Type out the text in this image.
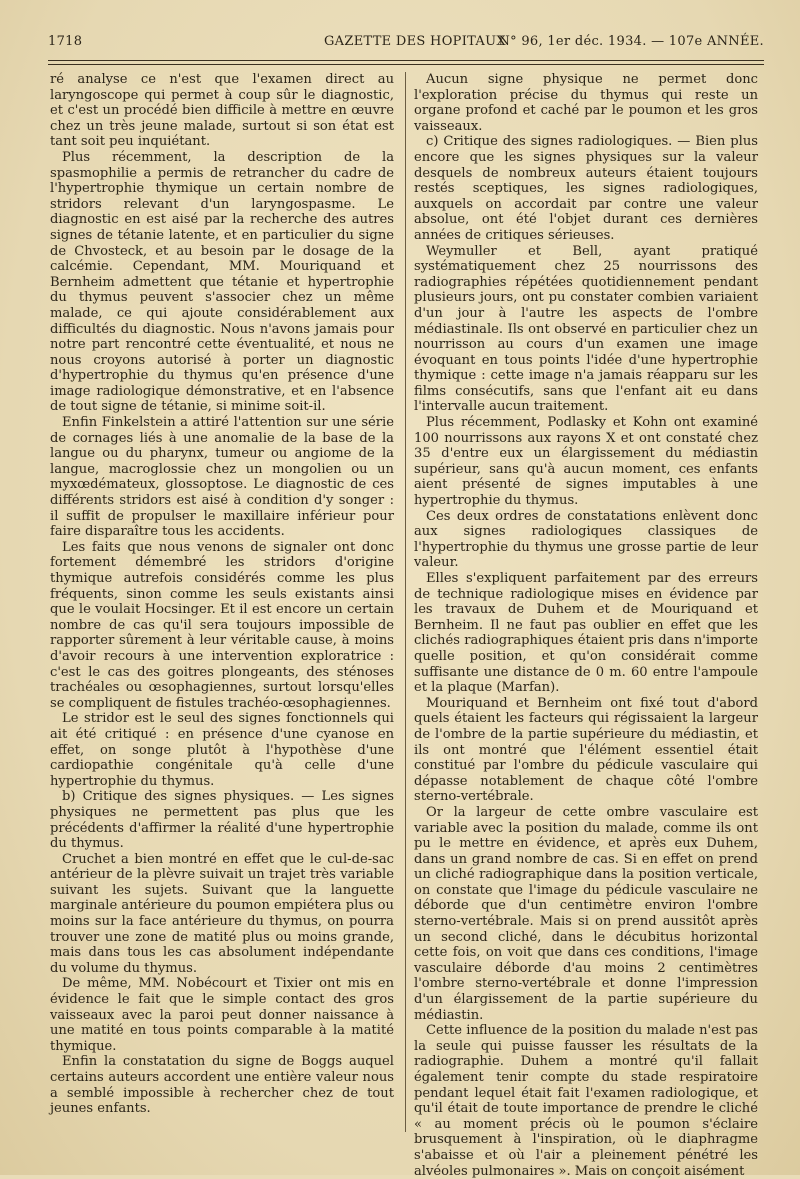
1718	GAZETTE DES HOPITAUX
N° 96, 1er déc. 1934. — 107e ANNÉE.

ré analyse ce n'est que l'examen direct au laryngoscope qui permet à coup sûr le diagnostic, et c'est un procédé bien difficile à mettre en œuvre chez un très jeune malade, surtout si son état est tant soit peu inquiétant.

Plus récemment, la description de la spasmophilie a permis de retrancher du cadre de l'hypertrophie thymique un certain nombre de stridors relevant d'un laryngospasme. Le diagnostic en est aisé par la recherche des autres signes de tétanie latente, et en particulier du signe de Chvosteck, et au besoin par le dosage de la calcémie. Cependant, MM. Mouriquand et Bernheim admettent que tétanie et hypertrophie du thymus peuvent s'associer chez un même malade, ce qui ajoute considérablement aux difficultés du diagnostic. Nous n'avons jamais pour notre part rencontré cette éventualité, et nous ne nous croyons autorisé à porter un diagnostic d'hypertrophie du thymus qu'en présence d'une image radiologique démonstrative, et en l'absence de tout signe de tétanie, si minime soit-il.

Enfin Finkelstein a attiré l'attention sur une série de cornages liés à une anomalie de la base de la langue ou du pharynx, tumeur ou angiome de la langue, macroglossie chez un mongolien ou un myxœdémateux, glossoptose. Le diagnostic de ces différents stridors est aisé à condition d'y songer : il suffit de propulser le maxillaire inférieur pour faire disparaître tous les accidents.

Les faits que nous venons de signaler ont donc fortement démembré les stridors d'origine thymique autrefois considérés comme les plus fréquents, sinon comme les seuls existants ainsi que le voulait Hocsinger. Et il est encore un certain nombre de cas qu'il sera toujours impossible de rapporter sûrement à leur véritable cause, à moins d'avoir recours à une intervention exploratrice : c'est le cas des goitres plongeants, des sténoses trachéales ou œsophagiennes, surtout lorsqu'elles se compliquent de fistules trachéo-œsophagiennes.

Le stridor est le seul des signes fonctionnels qui ait été critiqué : en présence d'une cyanose en effet, on songe plutôt à l'hypothèse d'une cardiopathie congénitale qu'à celle d'une hypertrophie du thymus.

b) Critique des signes physiques. — Les signes physiques ne permettent pas plus que les précédents d'affirmer la réalité d'une hypertrophie du thymus.

Cruchet a bien montré en effet que le cul-de-sac antérieur de la plèvre suivait un trajet très variable suivant les sujets. Suivant que la languette marginale antérieure du poumon empiétera plus ou moins sur la face antérieure du thymus, on pourra trouver une zone de matité plus ou moins grande, mais dans tous les cas absolument indépendante du volume du thymus.

De même, MM. Nobécourt et Tixier ont mis en évidence le fait que le simple contact des gros vaisseaux avec la paroi peut donner naissance à une matité en tous points comparable à la matité thymique.

Enfin la constatation du signe de Boggs auquel certains auteurs accordent une entière valeur nous a semblé impossible à rechercher chez de tout jeunes enfants.

Aucun signe physique ne permet donc l'exploration précise du thymus qui reste un organe profond et caché par le poumon et les gros vaisseaux.

c) Critique des signes radiologiques. — Bien plus encore que les signes physiques sur la valeur desquels de nombreux auteurs étaient toujours restés sceptiques, les signes radiologiques, auxquels on accordait par contre une valeur absolue, ont été l'objet durant ces dernières années de critiques sérieuses.

Weymuller et Bell, ayant pratiqué systématiquement chez 25 nourrissons des radiographies répétées quotidiennement pendant plusieurs jours, ont pu constater combien variaient d'un jour à l'autre les aspects de l'ombre médiastinale. Ils ont observé en particulier chez un nourrisson au cours d'un examen une image évoquant en tous points l'idée d'une hypertrophie thymique : cette image n'a jamais réapparu sur les films consécutifs, sans que l'enfant ait eu dans l'intervalle aucun traitement.

Plus récemment, Podlasky et Kohn ont examiné 100 nourrissons aux rayons X et ont constaté chez 35 d'entre eux un élargissement du médiastin supérieur, sans qu'à aucun moment, ces enfants aient présenté de signes imputables à une hypertrophie du thymus.

Ces deux ordres de constatations enlèvent donc aux signes radiologiques classiques de l'hypertrophie du thymus une grosse partie de leur valeur.

Elles s'expliquent parfaitement par des erreurs de technique radiologique mises en évidence par les travaux de Duhem et de Mouriquand et Bernheim. Il ne faut pas oublier en effet que les clichés radiographiques étaient pris dans n'importe quelle position, et qu'on considérait comme suffisante une distance de 0 m. 60 entre l'ampoule et la plaque (Marfan).

Mouriquand et Bernheim ont fixé tout d'abord quels étaient les facteurs qui régissaient la largeur de l'ombre de la partie supérieure du médiastin, et ils ont montré que l'élément essentiel était constitué par l'ombre du pédicule vasculaire qui dépasse notablement de chaque côté l'ombre sterno-vertébrale.

Or la largeur de cette ombre vasculaire est variable avec la position du malade, comme ils ont pu le mettre en évidence, et après eux Duhem, dans un grand nombre de cas. Si en effet on prend un cliché radiographique dans la position verticale, on constate que l'image du pédicule vasculaire ne déborde que d'un centimètre environ l'ombre sterno-vertébrale. Mais si on prend aussitôt après un second cliché, dans le décubitus horizontal cette fois, on voit que dans ces conditions, l'image vasculaire déborde d'au moins 2 centimètres l'ombre sterno-vertébrale et donne l'impression d'un élargissement de la partie supérieure du médiastin.

Cette influence de la position du malade n'est pas la seule qui puisse fausser les résultats de la radiographie. Duhem a montré qu'il fallait également tenir compte du stade respiratoire pendant lequel était fait l'examen radiologique, et qu'il était de toute importance de prendre le cliché « au moment précis où le poumon s'éclaire brusquement à l'inspiration, où le diaphragme s'abaisse et où l'air a pleinement pénétré les alvéoles pulmonaires ». Mais on conçoit aisément
